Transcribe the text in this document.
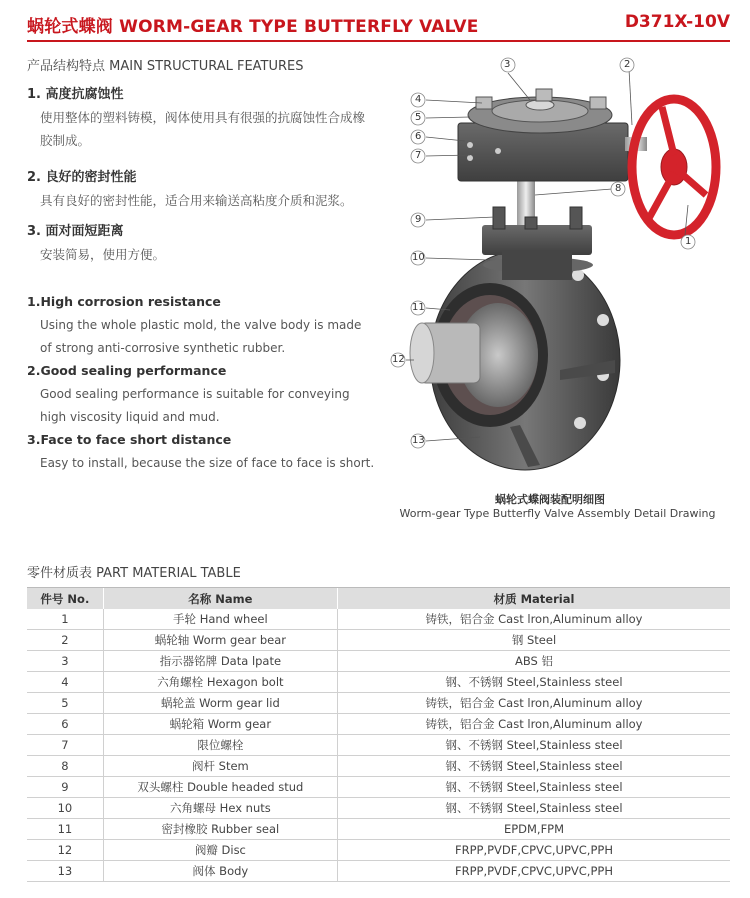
蜗轮式蝶阀 WORM-GEAR TYPE BUTTERFLY VALVE	D371X-10V
产品结构特点 MAIN STRUCTURAL FEATURES
1. 高度抗腐蚀性
使用整体的塑料铸模，阀体使用具有很强的抗腐蚀性合成橡胶制成。
2. 良好的密封性能
具有良好的密封性能，适合用来输送高粘度介质和泥浆。
3. 面对面短距离
安装简易，使用方便。
1.High corrosion resistance
Using the whole plastic mold, the valve body is made of strong anti-corrosive synthetic rubber.
2.Good sealing performance
Good sealing performance is suitable for conveying high viscosity liquid and mud.
3.Face to face short distance
Easy to install, because the size of face to face is short.
3	2
4
5
6
7
8
9
10
11
12
13
1
蜗轮式蝶阀装配明细图
Worm-gear Type Butterfly Valve Assembly Detail Drawing
零件材质表 PART MATERIAL TABLE
件号 No.	名称 Name	材质 Material
1	手轮 Hand wheel	铸铁，铝合金 Cast lron,Aluminum alloy
2	蜗轮轴 Worm gear bear	钢 Steel
3	指示器铭牌 Data lpate	ABS 铝
4	六角螺栓 Hexagon bolt	钢、不锈钢 Steel,Stainless steel
5	蜗轮盖 Worm gear lid	铸铁，铝合金 Cast lron,Aluminum alloy
6	蜗轮箱 Worm gear	铸铁，铝合金 Cast lron,Aluminum alloy
7	限位螺栓	钢、不锈钢 Steel,Stainless steel
8	阀杆 Stem	钢、不锈钢 Steel,Stainless steel
9	双头螺柱 Double headed stud	钢、不锈钢 Steel,Stainless steel
10	六角螺母 Hex nuts	钢、不锈钢 Steel,Stainless steel
11	密封橡胶 Rubber seal	EPDM,FPM
12	阀瓣 Disc	FRPP,PVDF,CPVC,UPVC,PPH
13	阀体 Body	FRPP,PVDF,CPVC,UPVC,PPH
